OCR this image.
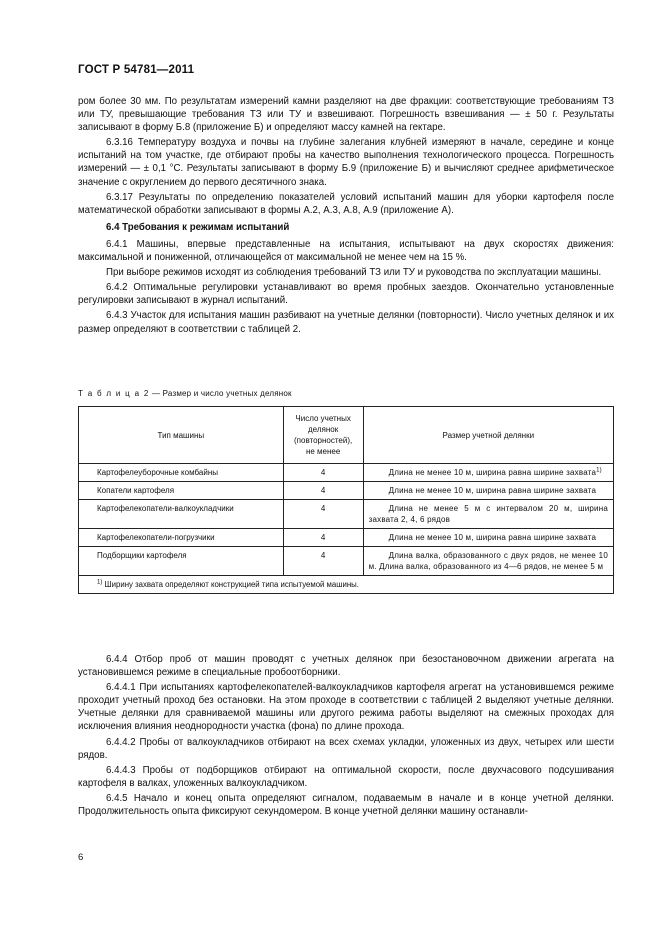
ГОСТ Р 54781—2011

ром более 30 мм. По результатам измерений камни разделяют на две фракции: соответствующие требованиям ТЗ или ТУ, превышающие требования ТЗ или ТУ и взвешивают. Погрешность взвешивания — ± 50 г. Результаты записывают в форму Б.8 (приложение Б) и определяют массу камней на гектаре.

6.3.16 Температуру воздуха и почвы на глубине залегания клубней измеряют в начале, середине и конце испытаний на том участке, где отбирают пробы на качество выполнения технологического процесса. Погрешность измерений — ± 0,1 °С. Результаты записывают в форму Б.9 (приложение Б) и вычисляют среднее арифметическое значение с округлением до первого десятичного знака.

6.3.17 Результаты по определению показателей условий испытаний машин для уборки картофеля после математической обработки записывают в формы А.2, А.3, А.8, А.9 (приложение А).

6.4 Требования к режимам испытаний

6.4.1 Машины, впервые представленные на испытания, испытывают на двух скоростях движения: максимальной и пониженной, отличающейся от максимальной не менее чем на 15 %.

При выборе режимов исходят из соблюдения требований ТЗ или ТУ и руководства по эксплуатации машины.

6.4.2 Оптимальные регулировки устанавливают во время пробных заездов. Окончательно установленные регулировки записывают в журнал испытаний.

6.4.3 Участок для испытания машин разбивают на учетные делянки (повторности). Число учетных делянок и их размер определяют в соответствии с таблицей 2.

Т а б л и ц а 2 — Размер и число учетных делянок
Тип машины	Число учетных делянок (повторностей), не менее	Размер учетной делянки
Картофелеуборочные комбайны	4	Длина не менее 10 м, ширина равна ширине захвата$^{1)}$
Копатели картофеля	4	Длина не менее 10 м, ширина равна ширине захвата
Картофелекопатели-валкоукладчики	4	Длина не менее 5 м с интервалом 20 м, ширина захвата 2, 4, 6 рядов
Картофелекопатели-погрузчики	4	Длина не менее 10 м, ширина равна ширине захвата
Подборщики картофеля	4	Длина валка, образованного с двух рядов, не менее 10 м. Длина валка, образованного из 4—6 рядов, не менее 5 м
$^{1)}$ Ширину захвата определяют конструкцией типа испытуемой машины.		

6.4.4 Отбор проб от машин проводят с учетных делянок при безостановочном движении агрегата на установившемся режиме в специальные пробоотборники.

6.4.4.1 При испытаниях картофелекопателей-валкоукладчиков картофеля агрегат на установившемся режиме проходит учетный проход без остановки. На этом проходе в соответствии с таблицей 2 выделяют учетные делянки. Учетные делянки для сравниваемой машины или другого режима работы выделяют на смежных проходах для исключения влияния неоднородности участка (фона) по длине прохода.

6.4.4.2 Пробы от валкоукладчиков отбирают на всех схемах укладки, уложенных из двух, четырех или шести рядов.

6.4.4.3 Пробы от подборщиков отбирают на оптимальной скорости, после двухчасового подсушивания картофеля в валках, уложенных валкоукладчиком.

6.4.5 Начало и конец опыта определяют сигналом, подаваемым в начале и в конце учетной делянки. Продолжительность опыта фиксируют секундомером. В конце учетной делянки машину останавли-

6
